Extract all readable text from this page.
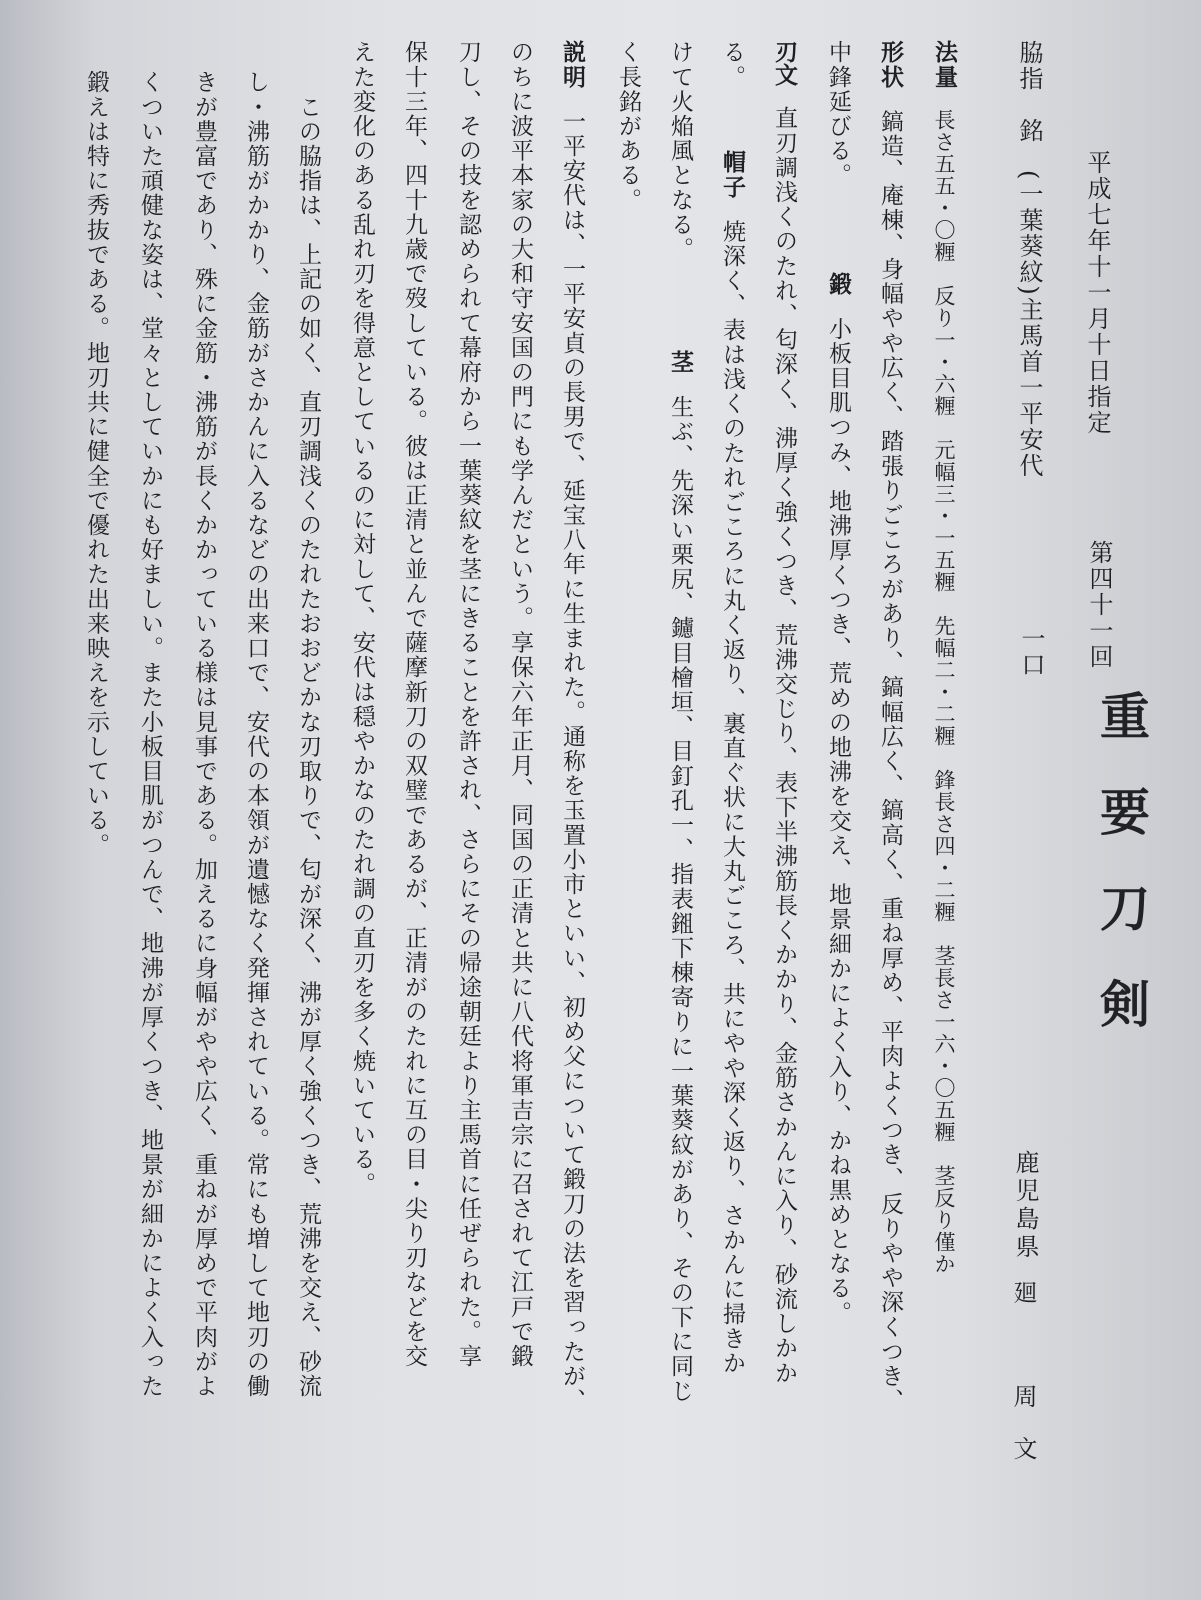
平成七年十一月十日指定
第四十一回
重要刀剣
脇指　銘　(一葉葵紋)主馬首一平安代
一口
鹿児島県
廻　周文
法量長さ五五・〇糎　反り一・六糎　元幅三・一五糎　先幅二・二糎　鋒長さ四・二糎　茎長さ一六・〇五糎　茎反り僅か
形状鎬造、庵棟、身幅やや広く、踏張りごころがあり、鎬幅広く、鎬高く、重ね厚め、平肉よくつき、反りやや深くつき、
中鋒延びる。
鍛小板目肌つみ、地沸厚くつき、荒めの地沸を交え、地景細かによく入り、かね黒めとなる。
刃文直刃調浅くのたれ、匂深く、沸厚く強くつき、荒沸交じり、表下半沸筋長くかかり、金筋さかんに入り、砂流しかか
る。
帽子焼深く、表は浅くのたれごころに丸く返り、裏直ぐ状に大丸ごころ、共にやや深く返り、さかんに掃きか
けて火焔風となる。
茎生ぶ、先深い栗尻、鑢目檜垣、目釘孔一、指表鎺下棟寄りに一葉葵紋があり、その下に同じ
く長銘がある。
説明一平安代は、一平安貞の長男で、延宝八年に生まれた。通称を玉置小市といい、初め父について鍛刀の法を習ったが、
のちに波平本家の大和守安国の門にも学んだという。享保六年正月、同国の正清と共に八代将軍吉宗に召されて江戸で鍛
刀し、その技を認められて幕府から一葉葵紋を茎にきることを許され、さらにその帰途朝廷より主馬首に任ぜられた。享
保十三年、四十九歳で歿している。彼は正清と並んで薩摩新刀の双璧であるが、正清がのたれに互の目・尖り刃などを交
えた変化のある乱れ刃を得意としているのに対して、安代は穏やかなのたれ調の直刃を多く焼いている。
　この脇指は、上記の如く、直刃調浅くのたれたおおどかな刃取りで、匂が深く、沸が厚く強くつき、荒沸を交え、砂流
し・沸筋がかかり、金筋がさかんに入るなどの出来口で、安代の本領が遺憾なく発揮されている。常にも増して地刃の働
きが豊富であり、殊に金筋・沸筋が長くかかっている様は見事である。加えるに身幅がやや広く、重ねが厚めで平肉がよ
くついた頑健な姿は、堂々としていかにも好ましい。また小板目肌がつんで、地沸が厚くつき、地景が細かによく入った
鍛えは特に秀抜である。地刃共に健全で優れた出来映えを示している。
